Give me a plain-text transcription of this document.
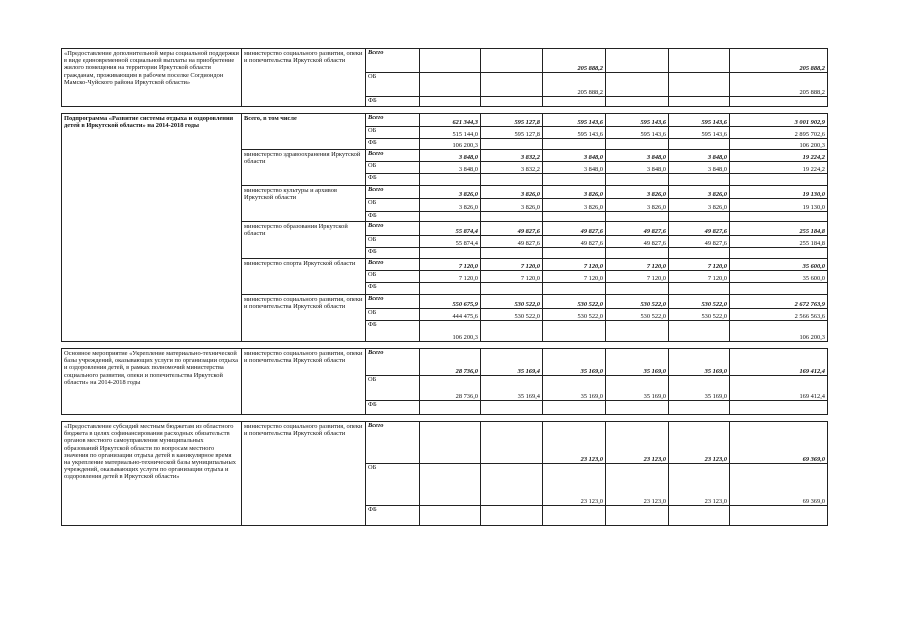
«Предоставление дополнительной меры социальной поддержки в виде единовременной социальной выплаты на приобретение жилого помещения на территории Иркутской области гражданам, проживающим в рабочем поселке Согдиондон Мамско-Чуйского района Иркутской области»	министерство социального развития, опеки и попечительства Иркутской области	Всего			205 888,2			205 888,2
		ОБ			205 888,2			205 888,2
		ФБ						

Подпрограмма «Развитие системы отдыха и оздоровления детей в Иркутской области» на 2014-2018 годы	Всего, в том числе	Всего	621 344,3	595 127,8	595 143,6	595 143,6	595 143,6	3 001 902,9
		ОБ	515 144,0	595 127,8	595 143,6	595 143,6	595 143,6	2 895 702,6
		ФБ	106 200,3					106 200,3
	министерство здравоохранения Иркутской области	Всего	3 848,0	3 832,2	3 848,0	3 848,0	3 848,0	19 224,2
		ОБ	3 848,0	3 832,2	3 848,0	3 848,0	3 848,0	19 224,2
		ФБ						
	министерство культуры и архивов Иркутской области	Всего	3 826,0	3 826,0	3 826,0	3 826,0	3 826,0	19 130,0
		ОБ	3 826,0	3 826,0	3 826,0	3 826,0	3 826,0	19 130,0
		ФБ						
	министерство образования Иркутской области	Всего	55 874,4	49 827,6	49 827,6	49 827,6	49 827,6	255 184,8
		ОБ	55 874,4	49 827,6	49 827,6	49 827,6	49 827,6	255 184,8
		ФБ						
	министерство спорта Иркутской области	Всего	7 120,0	7 120,0	7 120,0	7 120,0	7 120,0	35 600,0
		ОБ	7 120,0	7 120,0	7 120,0	7 120,0	7 120,0	35 600,0
		ФБ						
	министерство социального развития, опеки и попечительства Иркутской области	Всего	550 675,9	530 522,0	530 522,0	530 522,0	530 522,0	2 672 763,9
		ОБ	444 475,6	530 522,0	530 522,0	530 522,0	530 522,0	2 566 563,6
		ФБ	106 200,3					106 200,3

Основное мероприятие «Укрепление материально-технической базы учреждений, оказывающих услуги по организации отдыха и оздоровления детей, в рамках полномочий министерства социального развития, опеки и попечительства Иркутской области» на 2014-2018 годы	министерство социального развития, опеки и попечительства Иркутской области	Всего	28 736,0	35 169,4	35 169,0	35 169,0	35 169,0	169 412,4
		ОБ	28 736,0	35 169,4	35 169,0	35 169,0	35 169,0	169 412,4
		ФБ						

«Предоставление субсидий местным бюджетам из областного бюджета в целях софинансирования расходных обязательств органов местного самоуправления муниципальных образований Иркутской области по вопросам местного значения по организации отдыха детей в каникулярное время на укрепление материально-технической базы муниципальных учреждений, оказывающих услуги по организации отдыха и оздоровления детей в Иркутской области»	министерство социального развития, опеки и попечительства Иркутской области	Всего			23 123,0	23 123,0	23 123,0	69 369,0
		ОБ			23 123,0	23 123,0	23 123,0	69 369,0
		ФБ						
